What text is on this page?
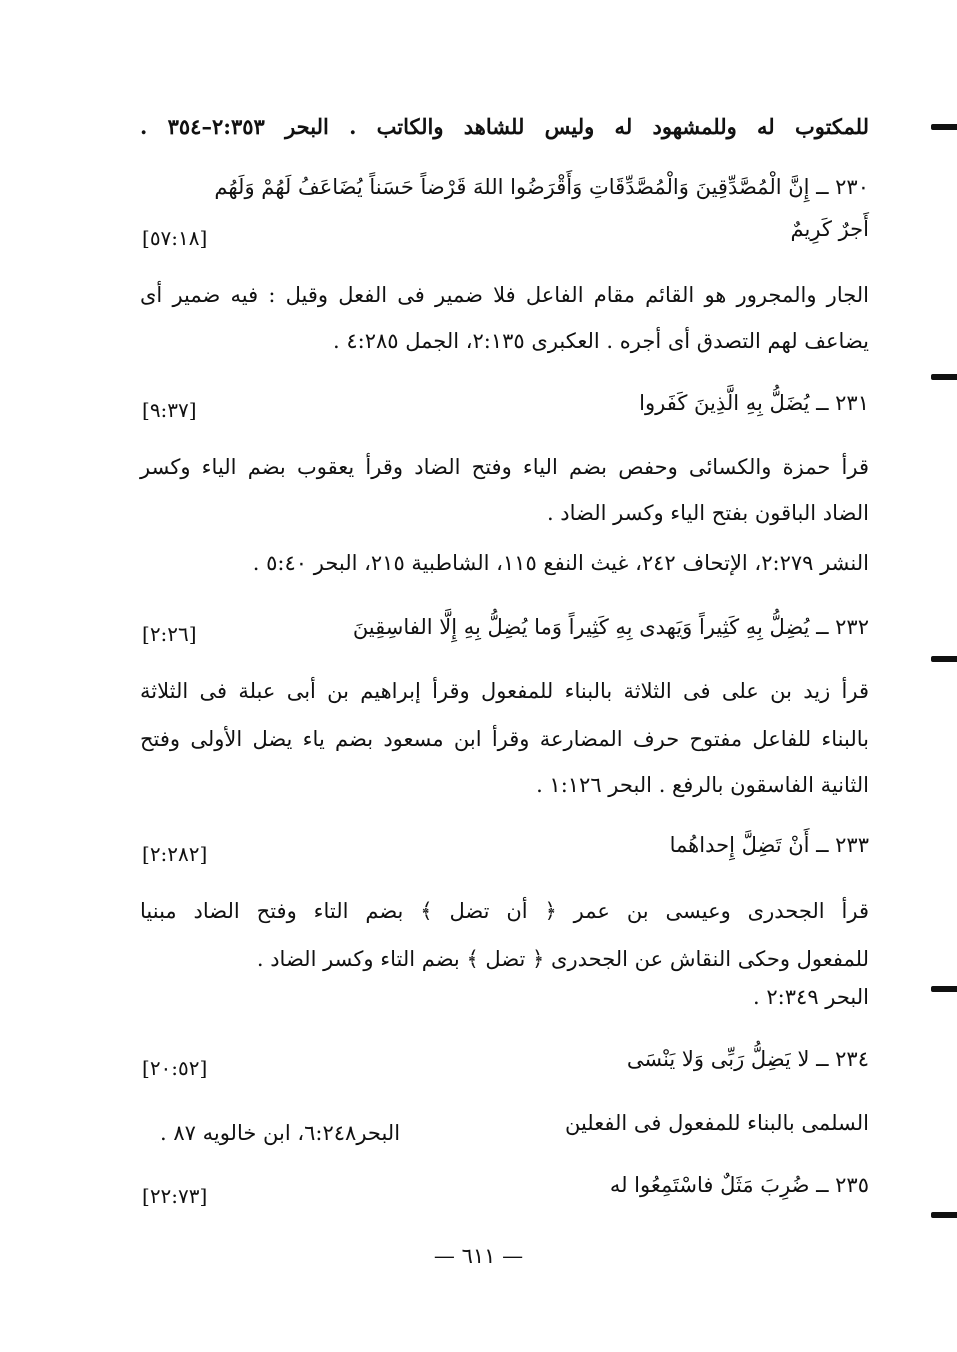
للمكتوب له وللمشهود له وليس للشاهد والكاتب . البحر ٢:٣٥٣–٣٥٤ .
٢٣٠ ــ إِنَّ الْمُصَّدِّقِينَ وَالْمُصَّدِّقَاتِ وَأَقْرَضُوا اللهَ قَرْضاً حَسَناً يُضَاعَفُ لَهُمْ وَلَهُم
أَجرٌ كَرِيمٌ
[٥٧:١٨]
الجار والمجرور هو القائم مقام الفاعل فلا ضمير فى الفعل وقيل : فيه ضمير أى
يضاعف لهم التصدق أى أجره . العكبرى ٢:١٣٥، الجمل ٤:٢٨٥ .
٢٣١ ــ يُضَلُّ بِهِ الَّذِينَ كَفَروا
[٩:٣٧]
قرأ حمزة والكسائى وحفص بضم الياء وفتح الضاد وقرأ يعقوب بضم الياء وكسر
الضاد الباقون بفتح الياء وكسر الضاد .
النشر ٢:٢٧٩، الإتحاف ٢٤٢، غيث النفع ١١٥، الشاطبية ٢١٥، البحر ٥:٤٠ .
٢٣٢ ــ يُضِلُّ بِهِ كَثِيراً وَيَهدى بِهِ كَثِيراً وَما يُضِلُّ بِهِ إِلَّا الفاسِقِينَ
[٢:٢٦]
قرأ زيد بن على فى الثلاثة بالبناء للمفعول وقرأ إبراهيم بن أبى عبلة فى الثلاثة
بالبناء للفاعل مفتوح حرف المضارعة وقرأ ابن مسعود بضم ياء يضل الأولى وفتح
الثانية الفاسقون بالرفع . البحر ١:١٢٦ .
٢٣٣ ــ أَنْ تَضِلَّ إِحداهُما
[٢:٢٨٢]
قرأ الجحدرى وعيسى بن عمر ﴿ أن تضل ﴾ بضم التاء وفتح الضاد مبنيا
للمفعول وحكى النقاش عن الجحدرى ﴿ تضل ﴾ بضم التاء وكسر الضاد .
البحر ٢:٣٤٩ .
٢٣٤ ــ لا يَضِلُّ رَبِّى وَلا يَنْسَى
[٢٠:٥٢]
السلمى بالبناء للمفعول فى الفعلين
البحر٦:٢٤٨، ابن خالويه ٨٧ .
٢٣٥ ــ ضُرِبَ مَثَلٌ فاسْتَمِعُوا له
[٢٢:٧٣]
— ٦١١ —
